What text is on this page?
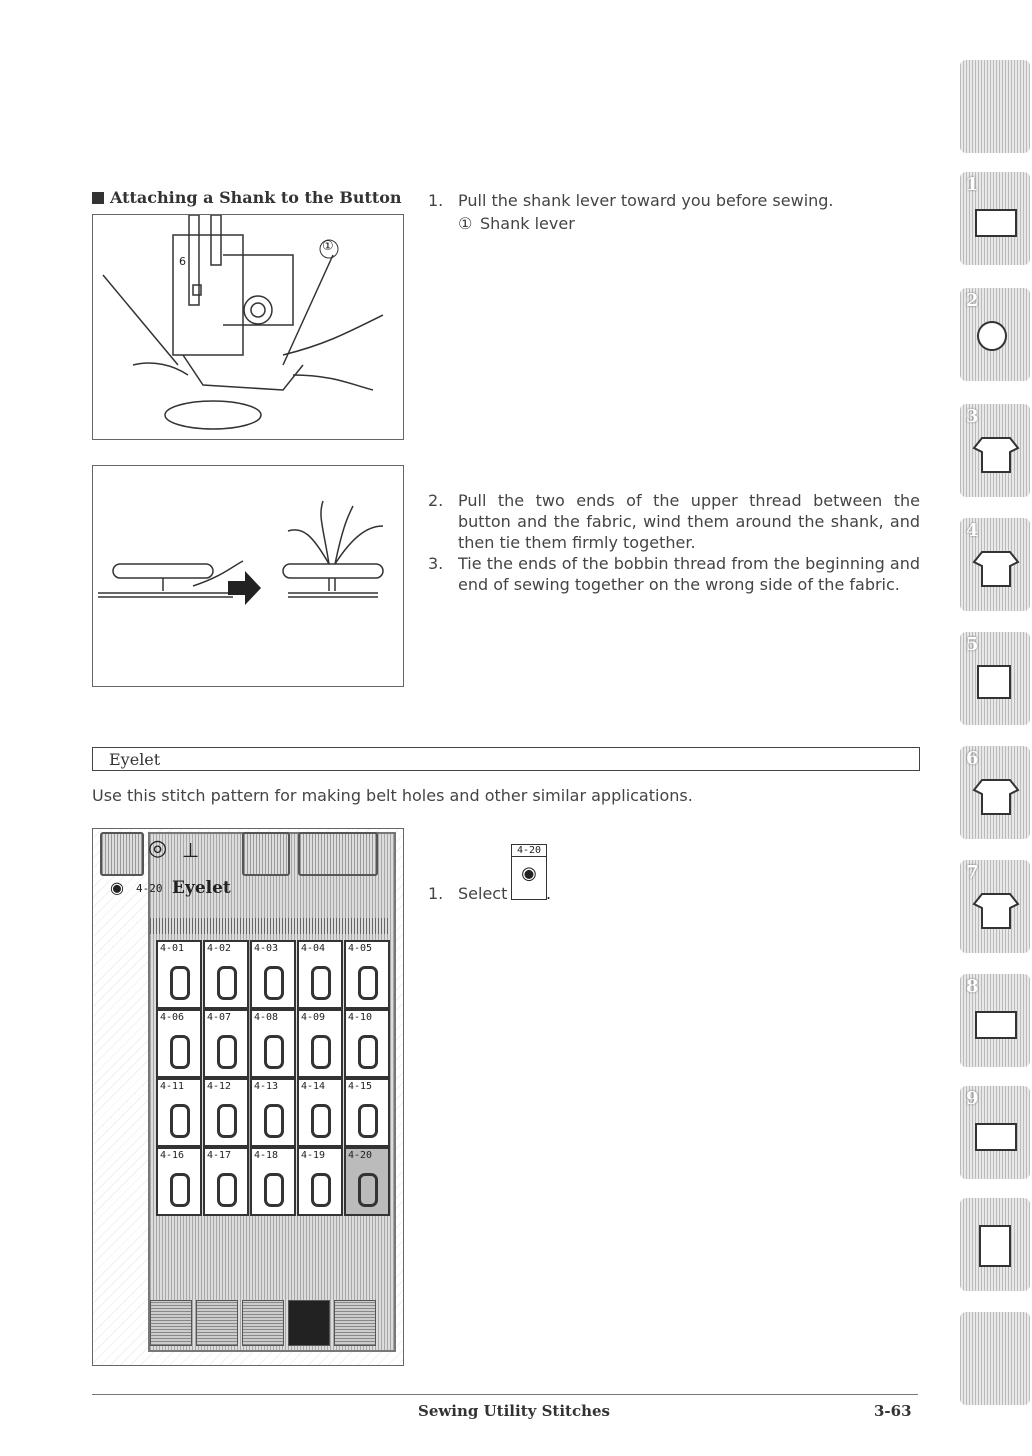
Attaching a Shank to the Button
①
6
1. Pull the shank lever toward you before sewing.
① Shank lever
2. Pull the two ends of the upper thread between the button and the fabric, wind them around the shank, and then tie them firmly together.
3. Tie the ends of the bobbin thread from the beginning and end of sewing together on the wrong side of the fabric.
Eyelet
Use this stitch pattern for making belt holes and other similar applications.
◎ ⊥
◉ 4-20 Eyelet
4-01 4-02 4-03 4-04 4-05
4-06 4-07 4-08 4-09 4-10
4-11 4-12 4-13 4-14 4-15
4-16 4-17 4-18 4-19 4-20
1. Select
4-20
◉
.
1
2
3
4
5
6
7
8
9
Sewing Utility Stitches	3-63
